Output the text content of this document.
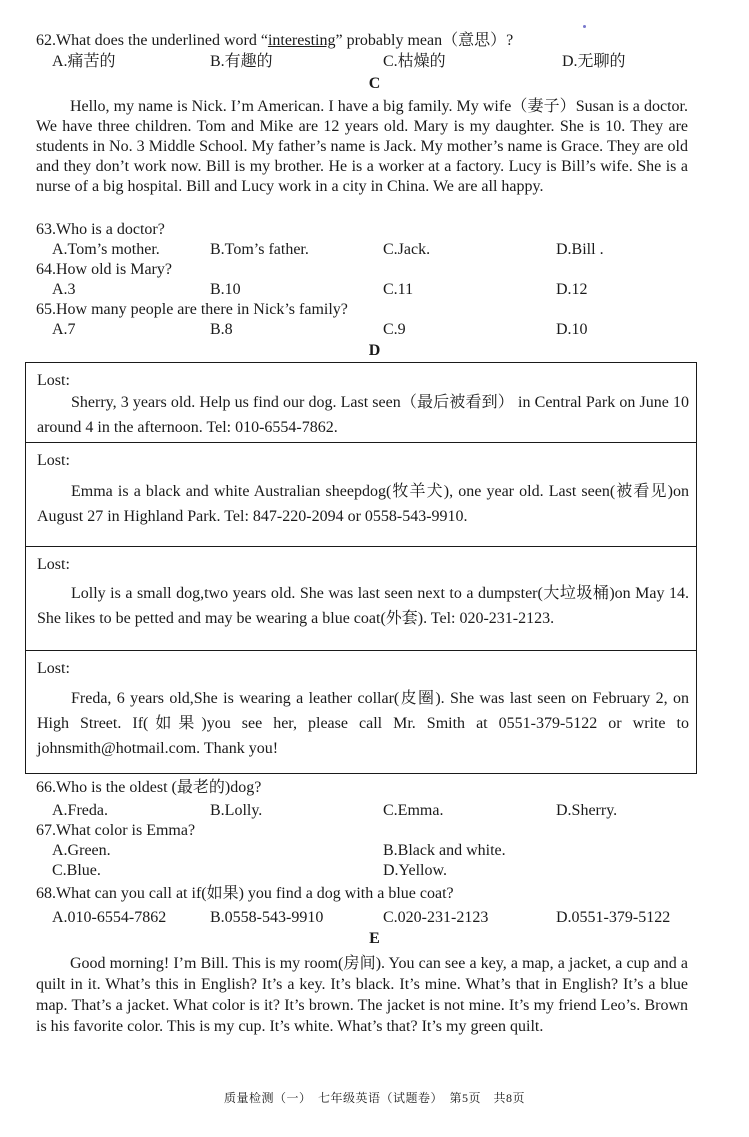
62.What does the underlined word “interesting” probably mean（意思）?
A.痛苦的	B.有趣的	C.枯燥的	D.无聊的
C

Hello, my name is Nick. I’m American. I have a big family. My wife（妻子）Susan is a doctor. We have three children. Tom and Mike are 12 years old. Mary is my daughter. She is 10. They are students in No. 3 Middle School. My father’s name is Jack. My mother’s name is Grace. They are old and they don’t work now. Bill is my brother. He is a worker at a factory. Lucy is Bill’s wife. She is a nurse of a big hospital. Bill and Lucy work in a city in China. We are all happy.

63.Who is a doctor?
A.Tom’s mother.	B.Tom’s father.	C.Jack.	D.Bill .
64.How old is Mary?
A.3	B.10	C.11	D.12
65.How many people are there in Nick’s family?
A.7	B.8	C.9	D.10
D
Lost:
Sherry, 3 years old. Help us find our dog. Last seen（最后被看到） in Central Park on June 10 around 4 in the afternoon. Tel: 010-6554-7862.
Lost:
Emma is a black and white Australian sheepdog(牧羊犬), one year old. Last seen(被看见)on August 27 in Highland Park. Tel: 847-220-2094 or 0558-543-9910.
Lost:
Lolly is a small dog,two years old. She was last seen next to a dumpster(大垃圾桶)on May 14. She likes to be petted and may be wearing a blue coat(外套). Tel: 020-231-2123.
Lost:
Freda, 6 years old,She is wearing a leather collar(皮圈). She was last seen on February 2, on High Street. If(如果)you see her, please call Mr. Smith at 0551-379-5122 or write to johnsmith@hotmail.com. Thank you!
66.Who is the oldest (最老的)dog?
A.Freda.	B.Lolly.	C.Emma.	D.Sherry.
67.What color is Emma?
A.Green.	B.Black and white.
C.Blue.	D.Yellow.
68.What can you call at if(如果) you find a dog with a blue coat?
A.010-6554-7862	B.0558-543-9910	C.020-231-2123	D.0551-379-5122
E

Good morning! I’m Bill. This is my room(房间). You can see a key, a map, a jacket, a cup and a quilt in it. What’s this in English? It’s a key. It’s black. It’s mine. What’s that in English? It’s a blue map. That’s a jacket. What color is it? It’s brown. The jacket is not mine. It’s my friend Leo’s. Brown is his favorite color. This is my cup. It’s white. What’s that? It’s my green quilt.

质量检测（一）　七年级英语（试题卷）　第5页　共8页
